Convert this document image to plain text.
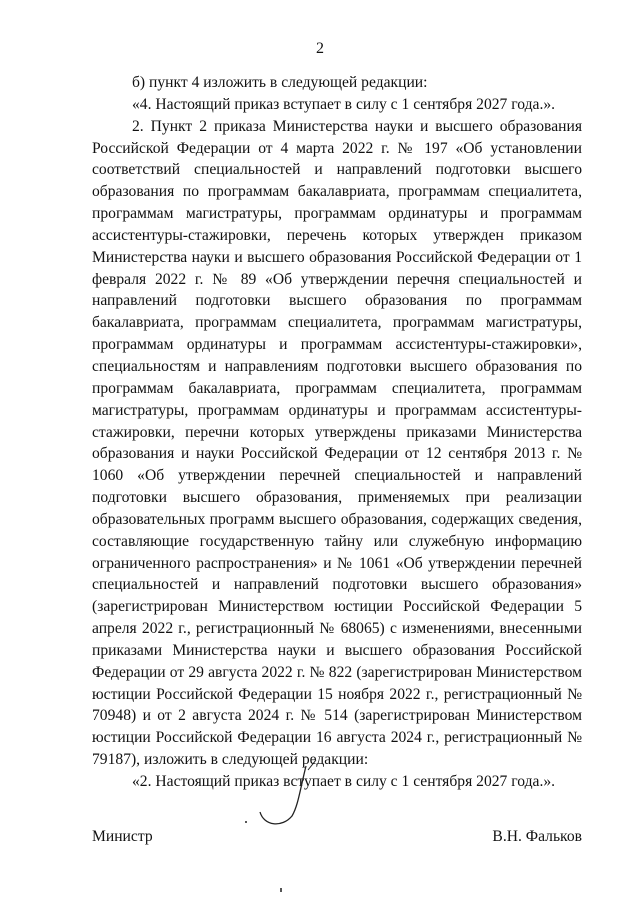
2

б) пункт 4 изложить в следующей редакции:

«4. Настоящий приказ вступает в силу с 1 сентября 2027 года.».

2. Пункт 2 приказа Министерства науки и высшего образования Российской Федерации от 4 марта 2022 г. № 197 «Об установлении соответствий специальностей и направлений подготовки высшего образования по программам бакалавриата, программам специалитета, программам магистратуры, программам ординатуры и программам ассистентуры-стажировки, перечень которых утвержден приказом Министерства науки и высшего образования Российской Федерации от 1 февраля 2022 г. № 89 «Об утверждении перечня специальностей и направлений подготовки высшего образования по программам бакалавриата, программам специалитета, программам магистратуры, программам ординатуры и программам ассистентуры-стажировки», специальностям и направлениям подготовки высшего образования по программам бакалавриата, программам специалитета, программам магистратуры, программам ординатуры и программам ассистентуры-стажировки, перечни которых утверждены приказами Министерства образования и науки Российской Федерации от 12 сентября 2013 г. № 1060 «Об утверждении перечней специальностей и направлений подготовки высшего образования, применяемых при реализации образовательных программ высшего образования, содержащих сведения, составляющие государственную тайну или служебную информацию ограниченного распространения» и № 1061 «Об утверждении перечней специальностей и направлений подготовки высшего образования» (зарегистрирован Министерством юстиции Российской Федерации 5 апреля 2022 г., регистрационный № 68065) с изменениями, внесенными приказами Министерства науки и высшего образования Российской Федерации от 29 августа 2022 г. № 822 (зарегистрирован Министерством юстиции Российской Федерации 15 ноября 2022 г., регистрационный № 70948) и от 2 августа 2024 г. № 514 (зарегистрирован Министерством юстиции Российской Федерации 16 августа 2024 г., регистрационный № 79187), изложить в следующей редакции:

«2. Настоящий приказ вступает в силу с 1 сентября 2027 года.».

Министр	В.Н. Фальков
